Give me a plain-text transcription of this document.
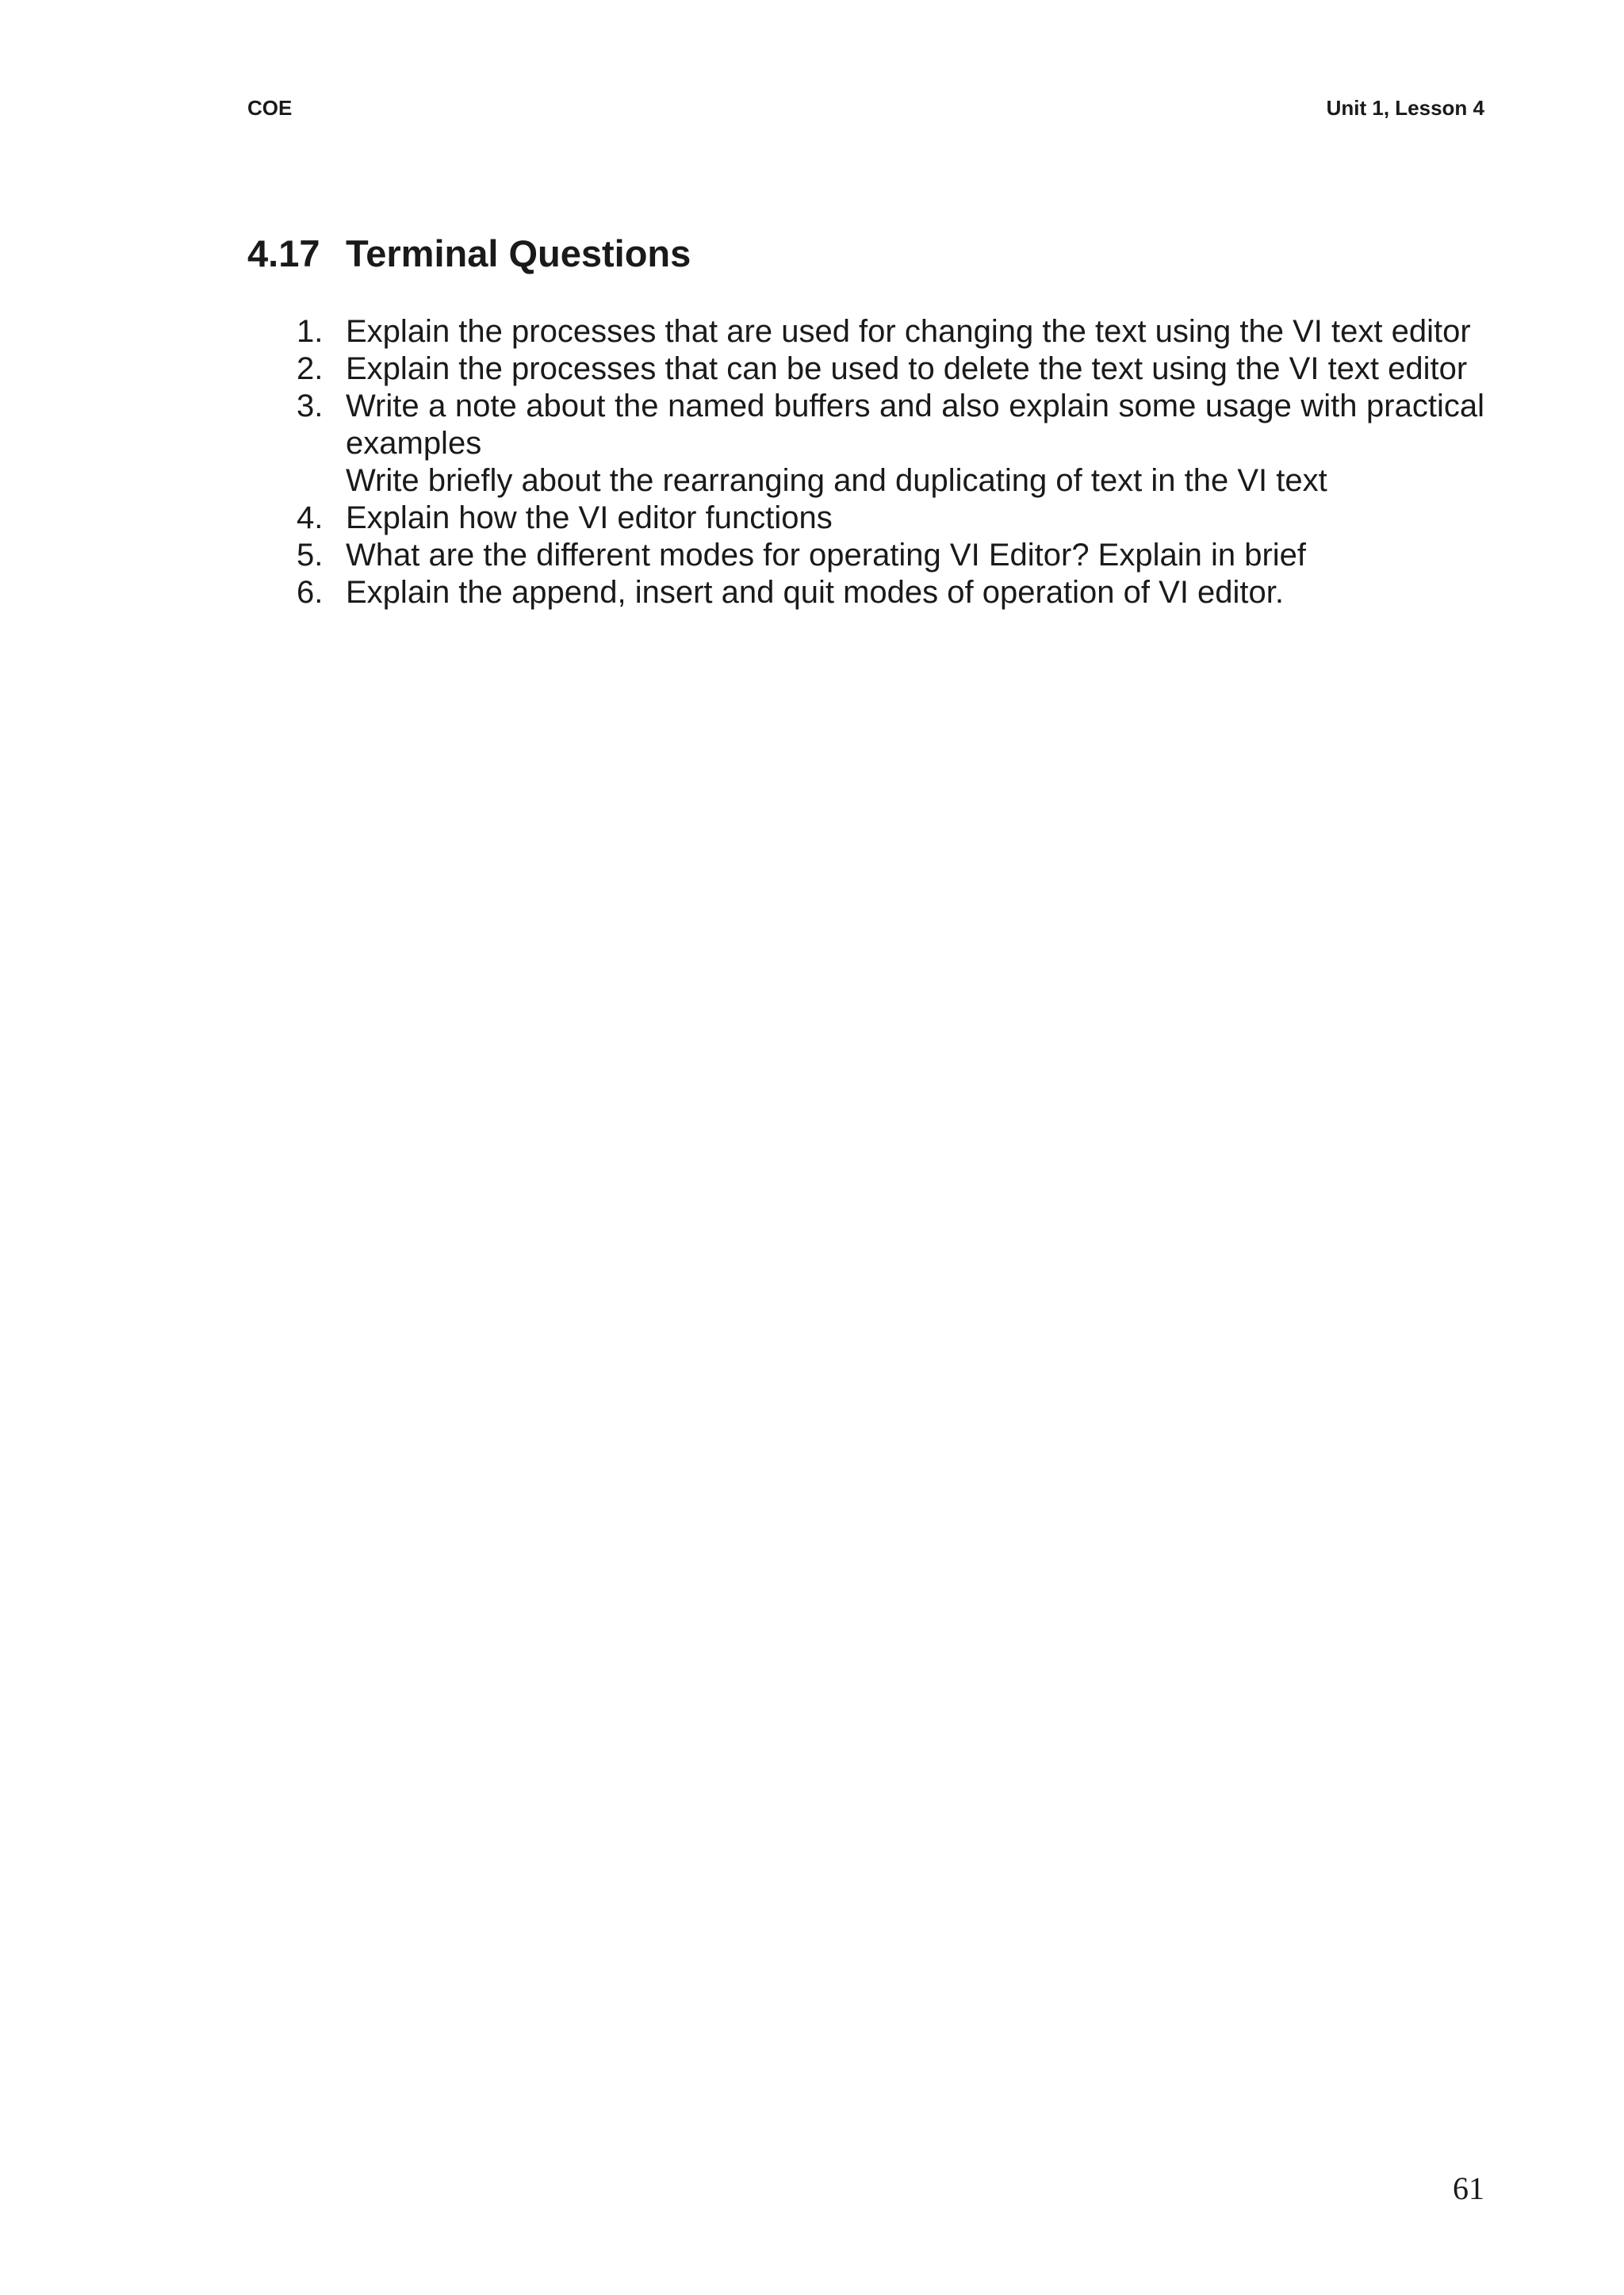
COE	Unit 1, Lesson 4
4.17 Terminal Questions
1. Explain the processes that are used for changing the text using the VI text editor
2. Explain the processes that can be used to delete the text using the VI text editor
3. Write a note about the named buffers and also explain some usage with practical examples
Write briefly about the rearranging and duplicating of text in the VI text
4. Explain how the VI editor functions
5. What are the different modes for operating VI Editor? Explain in brief
6. Explain the append, insert and quit modes of operation of VI editor.
61
